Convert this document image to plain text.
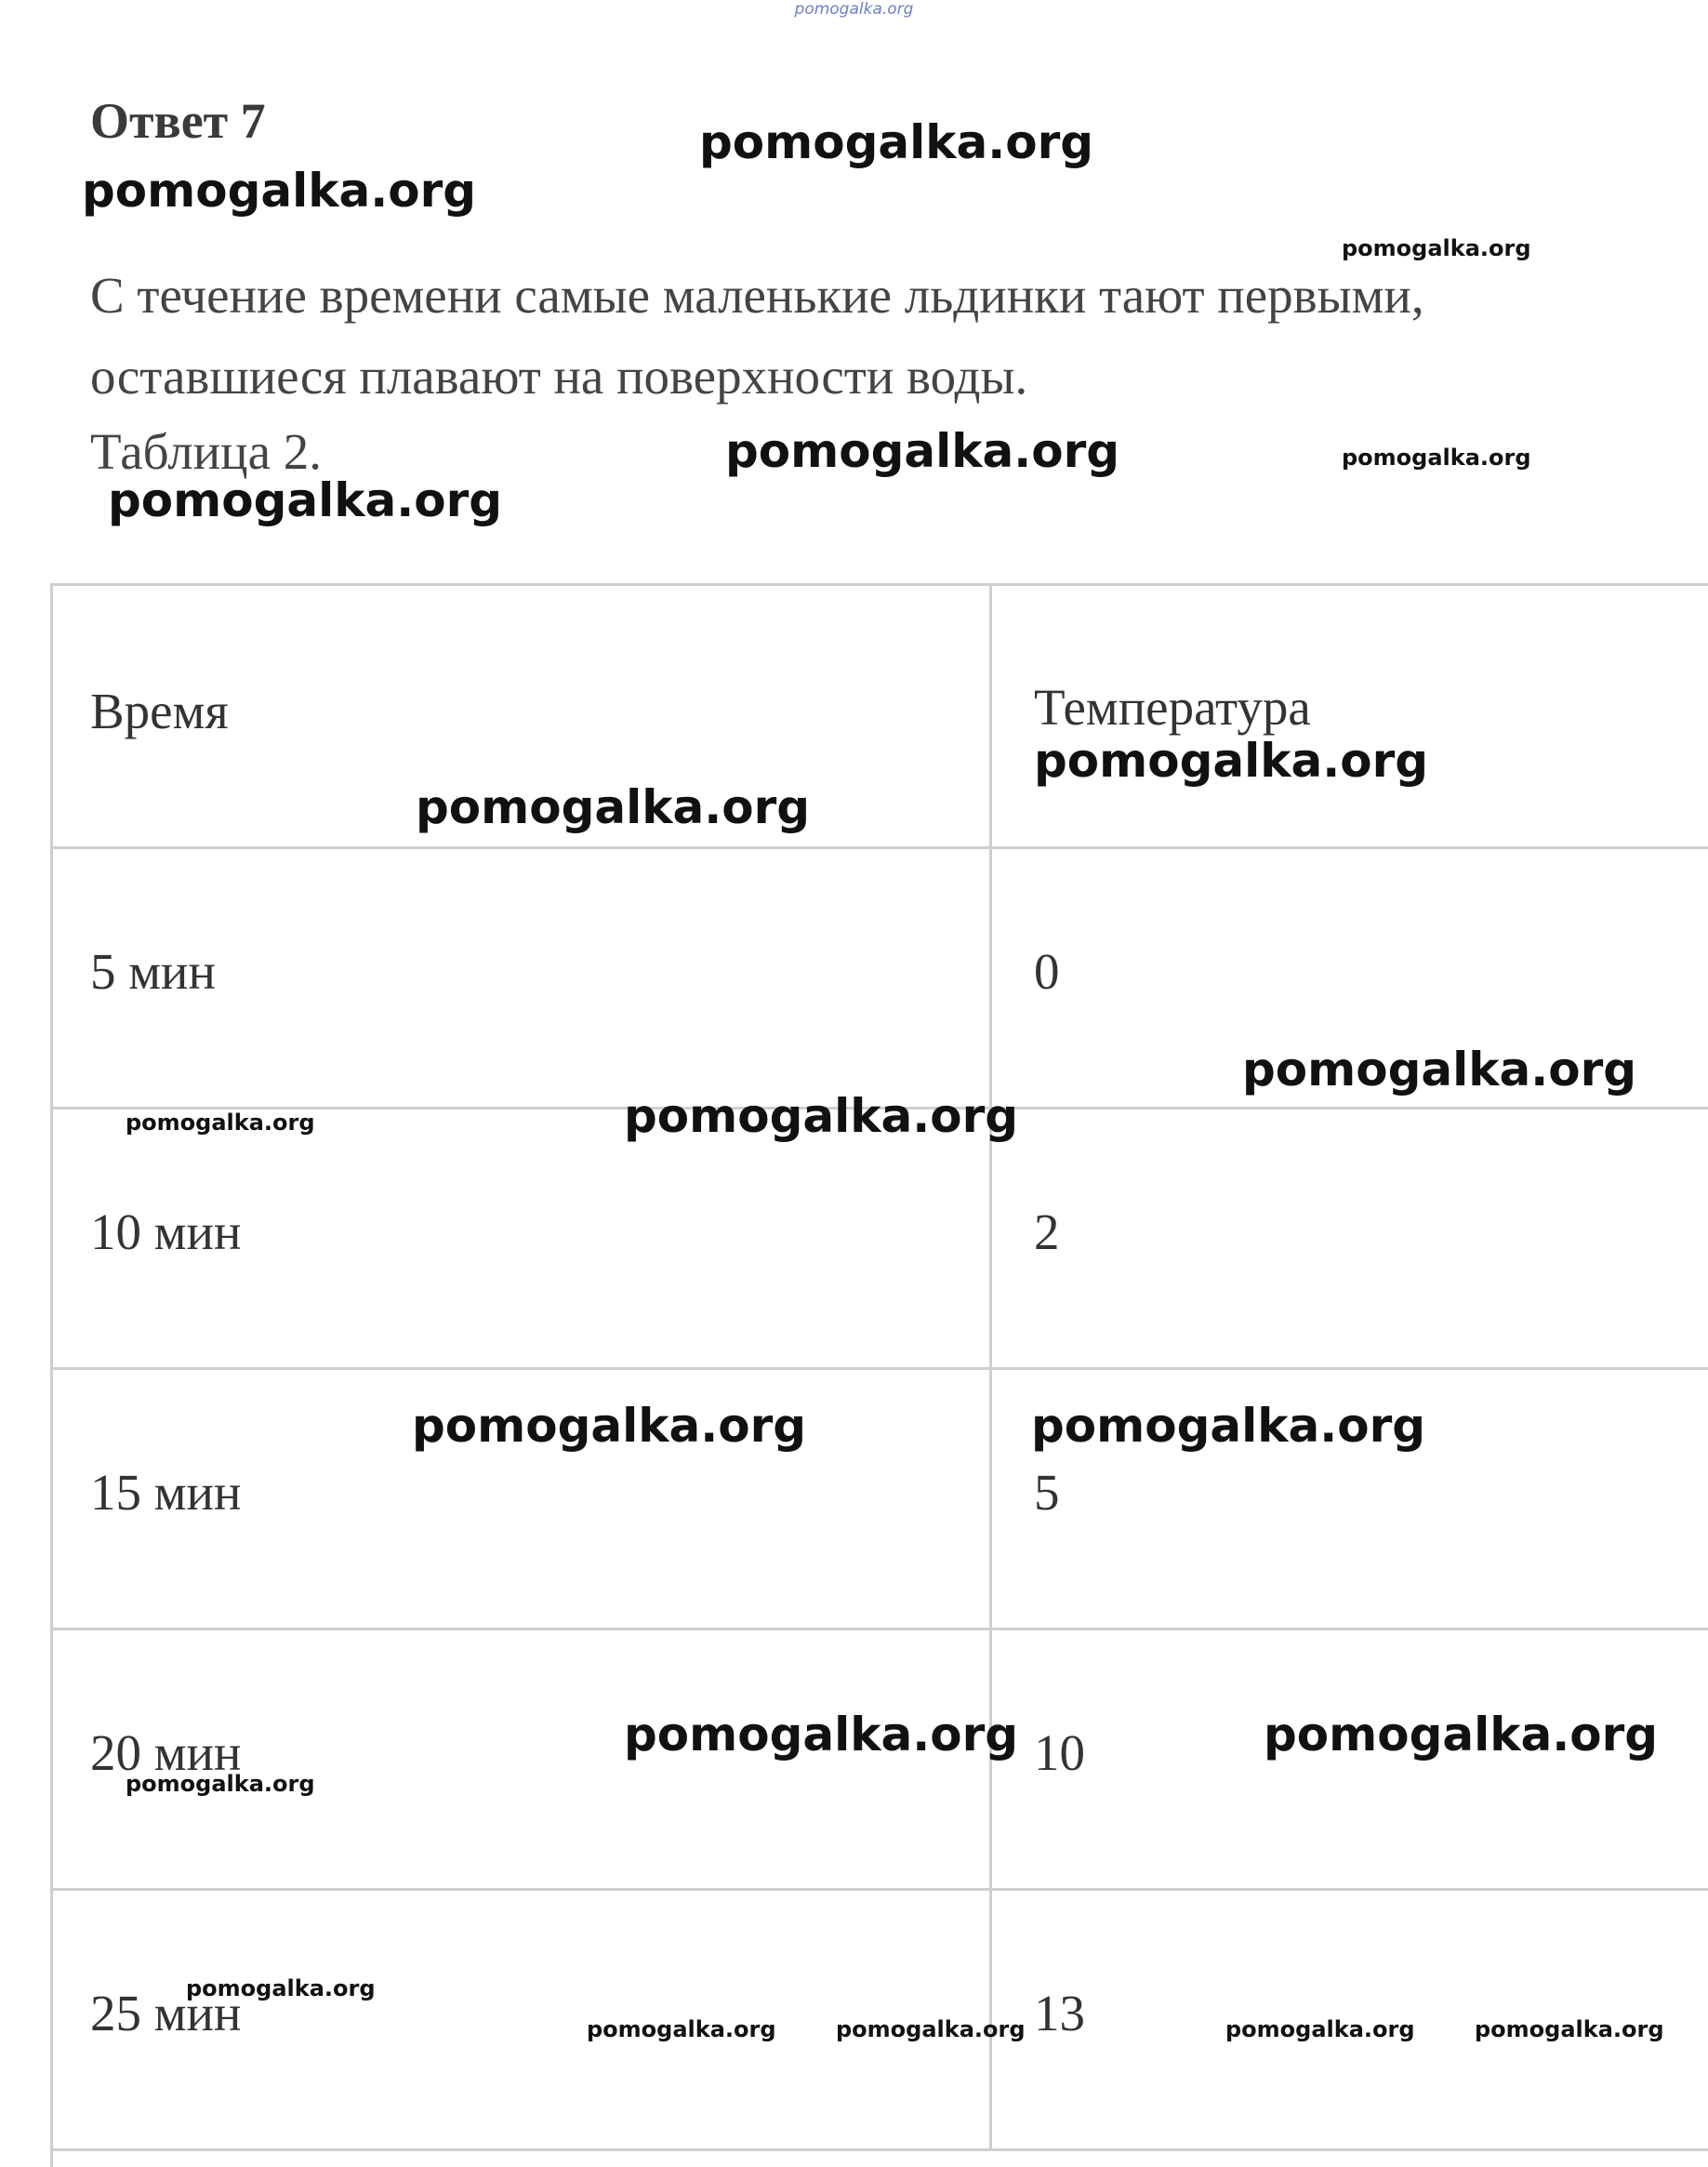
pomogalka.org
Ответ 7
С течение времени самые маленькие льдинки тают первыми, оставшиеся плавают на поверхности воды.
Таблица 2.
Время	Температура
5 мин	0
10 мин	2
15 мин	5
20 мин	10
25 мин	13
pomogalka.org
pomogalka.org
pomogalka.org
pomogalka.org	pomogalka.org
pomogalka.org
pomogalka.org
pomogalka.org
pomogalka.org
pomogalka.org	pomogalka.org
pomogalka.org	pomogalka.org
pomogalka.org	pomogalka.org
pomogalka.org
pomogalka.org
pomogalka.org	pomogalka.org	pomogalka.org	pomogalka.org
